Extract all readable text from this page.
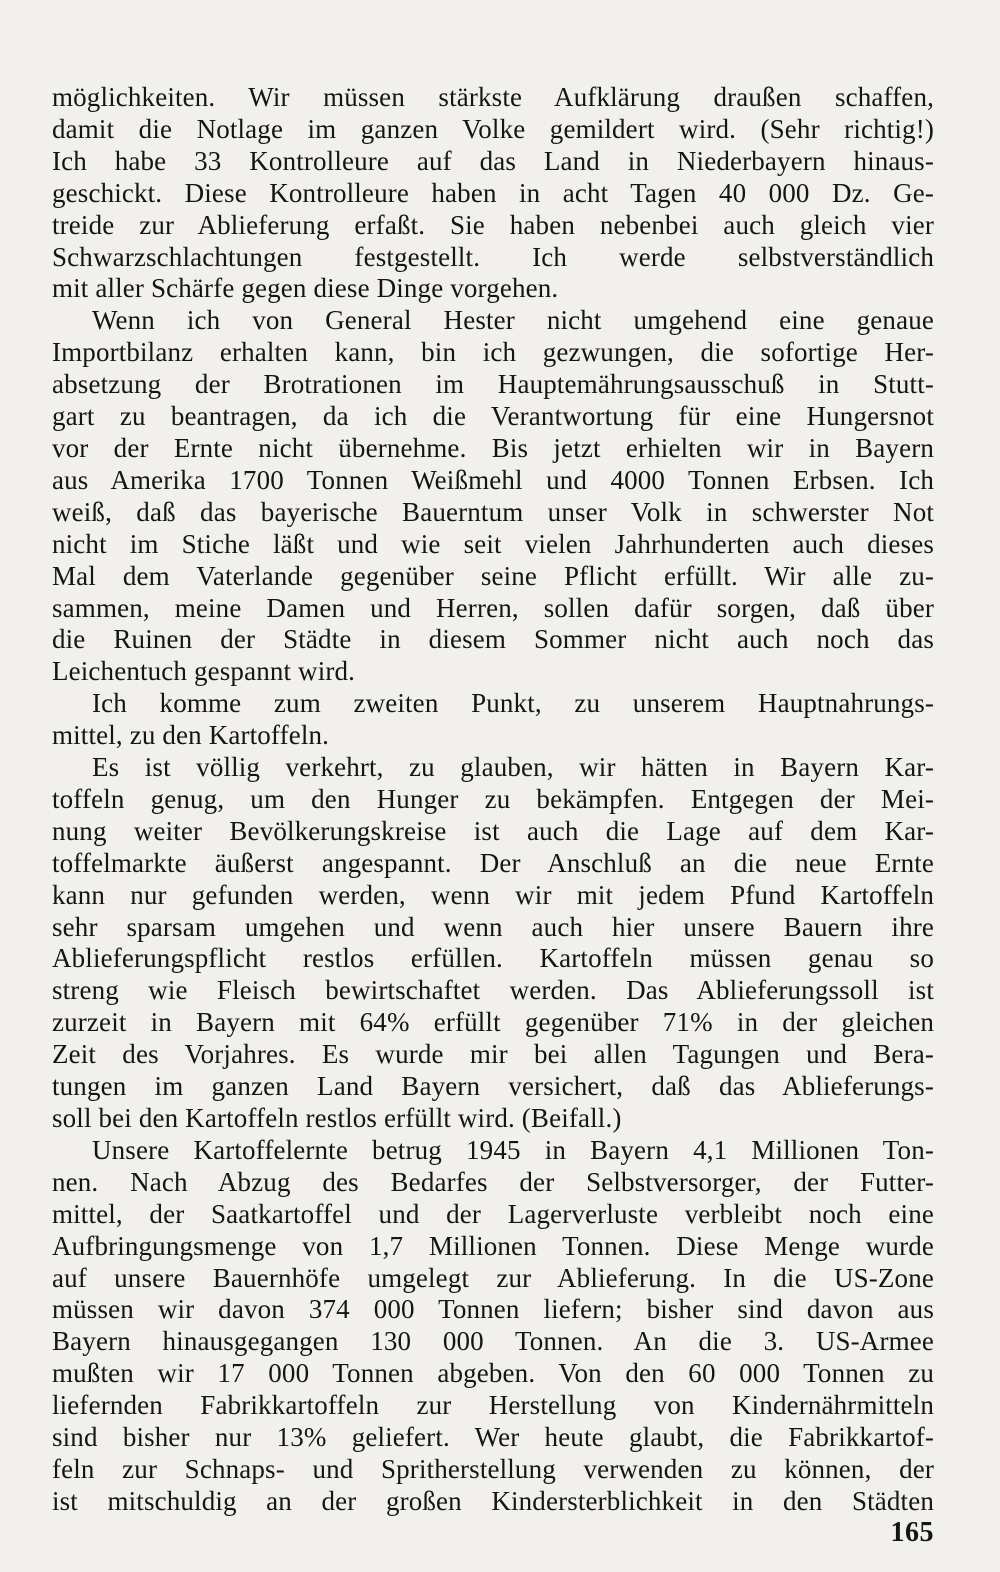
möglichkeiten. Wir müssen stärkste Aufklärung draußen schaffen,

damit die Notlage im ganzen Volke gemildert wird. (Sehr richtig!)

Ich habe 33 Kontrolleure auf das Land in Niederbayern hinaus-

geschickt. Diese Kontrolleure haben in acht Tagen 40 000 Dz. Ge-

treide zur Ablieferung erfaßt. Sie haben nebenbei auch gleich vier

Schwarzschlachtungen festgestellt. Ich werde selbstverständlich

mit aller Schärfe gegen diese Dinge vorgehen.

Wenn ich von General Hester nicht umgehend eine genaue

Importbilanz erhalten kann, bin ich gezwungen, die sofortige Her-

absetzung der Brotrationen im Hauptemährungsausschuß in Stutt-

gart zu beantragen, da ich die Verantwortung für eine Hungersnot

vor der Ernte nicht übernehme. Bis jetzt erhielten wir in Bayern

aus Amerika 1700 Tonnen Weißmehl und 4000 Tonnen Erbsen. Ich

weiß, daß das bayerische Bauerntum unser Volk in schwerster Not

nicht im Stiche läßt und wie seit vielen Jahrhunderten auch dieses

Mal dem Vaterlande gegenüber seine Pflicht erfüllt. Wir alle zu-

sammen, meine Damen und Herren, sollen dafür sorgen, daß über

die Ruinen der Städte in diesem Sommer nicht auch noch das

Leichentuch gespannt wird.

Ich komme zum zweiten Punkt, zu unserem Hauptnahrungs-

mittel, zu den Kartoffeln.

Es ist völlig verkehrt, zu glauben, wir hätten in Bayern Kar-

toffeln genug, um den Hunger zu bekämpfen. Entgegen der Mei-

nung weiter Bevölkerungskreise ist auch die Lage auf dem Kar-

toffelmarkte äußerst angespannt. Der Anschluß an die neue Ernte

kann nur gefunden werden, wenn wir mit jedem Pfund Kartoffeln

sehr sparsam umgehen und wenn auch hier unsere Bauern ihre

Ablieferungspflicht restlos erfüllen. Kartoffeln müssen genau so

streng wie Fleisch bewirtschaftet werden. Das Ablieferungssoll ist

zurzeit in Bayern mit 64% erfüllt gegenüber 71% in der gleichen

Zeit des Vorjahres. Es wurde mir bei allen Tagungen und Bera-

tungen im ganzen Land Bayern versichert, daß das Ablieferungs-

soll bei den Kartoffeln restlos erfüllt wird. (Beifall.)

Unsere Kartoffelernte betrug 1945 in Bayern 4,1 Millionen Ton-

nen. Nach Abzug des Bedarfes der Selbstversorger, der Futter-

mittel, der Saatkartoffel und der Lagerverluste verbleibt noch eine

Aufbringungsmenge von 1,7 Millionen Tonnen. Diese Menge wurde

auf unsere Bauernhöfe umgelegt zur Ablieferung. In die US-Zone

müssen wir davon 374 000 Tonnen liefern; bisher sind davon aus

Bayern hinausgegangen 130 000 Tonnen. An die 3. US-Armee

mußten wir 17 000 Tonnen abgeben. Von den 60 000 Tonnen zu

liefernden Fabrikkartoffeln zur Herstellung von Kindernährmitteln

sind bisher nur 13% geliefert. Wer heute glaubt, die Fabrikkartof-

feln zur Schnaps- und Spritherstellung verwenden zu können, der

ist mitschuldig an der großen Kindersterblichkeit in den Städten

165
